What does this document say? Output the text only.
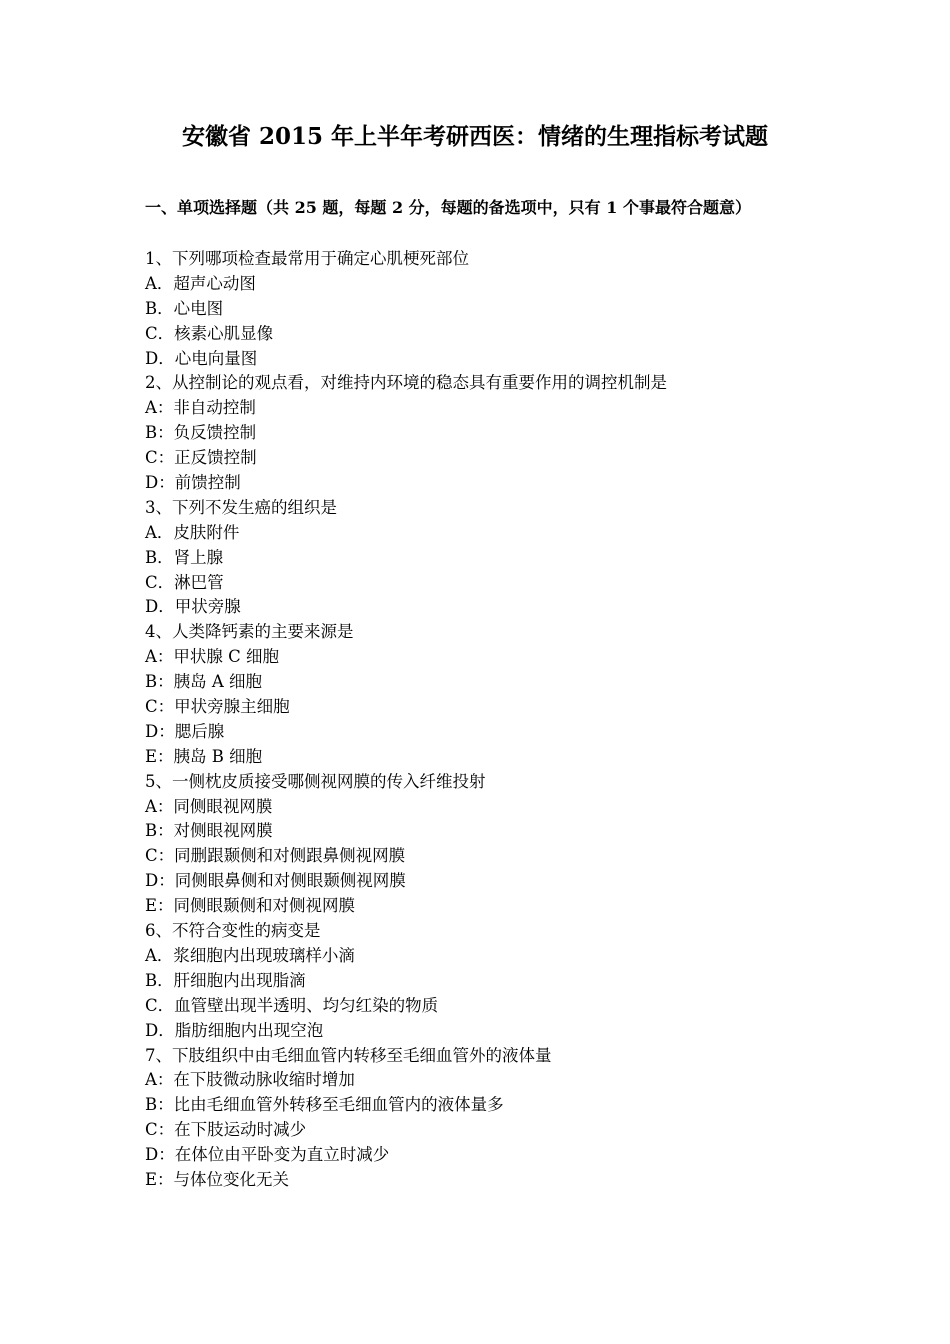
安徽省 2015 年上半年考研西医：情绪的生理指标考试题

一、单项选择题（共 25 题，每题 2 分，每题的备选项中，只有 1 个事最符合题意）

1、下列哪项检查最常用于确定心肌梗死部位
A．超声心动图
B．心电图
C．核素心肌显像
D．心电向量图
2、从控制论的观点看，对维持内环境的稳态具有重要作用的调控机制是
A：非自动控制
B：负反馈控制
C：正反馈控制
D：前馈控制
3、下列不发生癌的组织是
A．皮肤附件
B．肾上腺
C．淋巴管
D．甲状旁腺
4、人类降钙素的主要来源是
A：甲状腺 C 细胞
B：胰岛 A 细胞
C：甲状旁腺主细胞
D：腮后腺
E：胰岛 B 细胞
5、一侧枕皮质接受哪侧视网膜的传入纤维投射
A：同侧眼视网膜
B：对侧眼视网膜
C：同删跟颞侧和对侧跟鼻侧视网膜
D：同侧眼鼻侧和对侧眼颞侧视网膜
E：同侧眼颞侧和对侧视网膜
6、不符合变性的病变是
A．浆细胞内出现玻璃样小滴
B．肝细胞内出现脂滴
C．血管壁出现半透明、均匀红染的物质
D．脂肪细胞内出现空泡
7、下肢组织中由毛细血管内转移至毛细血管外的液体量
A：在下肢微动脉收缩时增加
B：比由毛细血管外转移至毛细血管内的液体量多
C：在下肢运动时减少
D：在体位由平卧变为直立时减少
E：与体位变化无关
